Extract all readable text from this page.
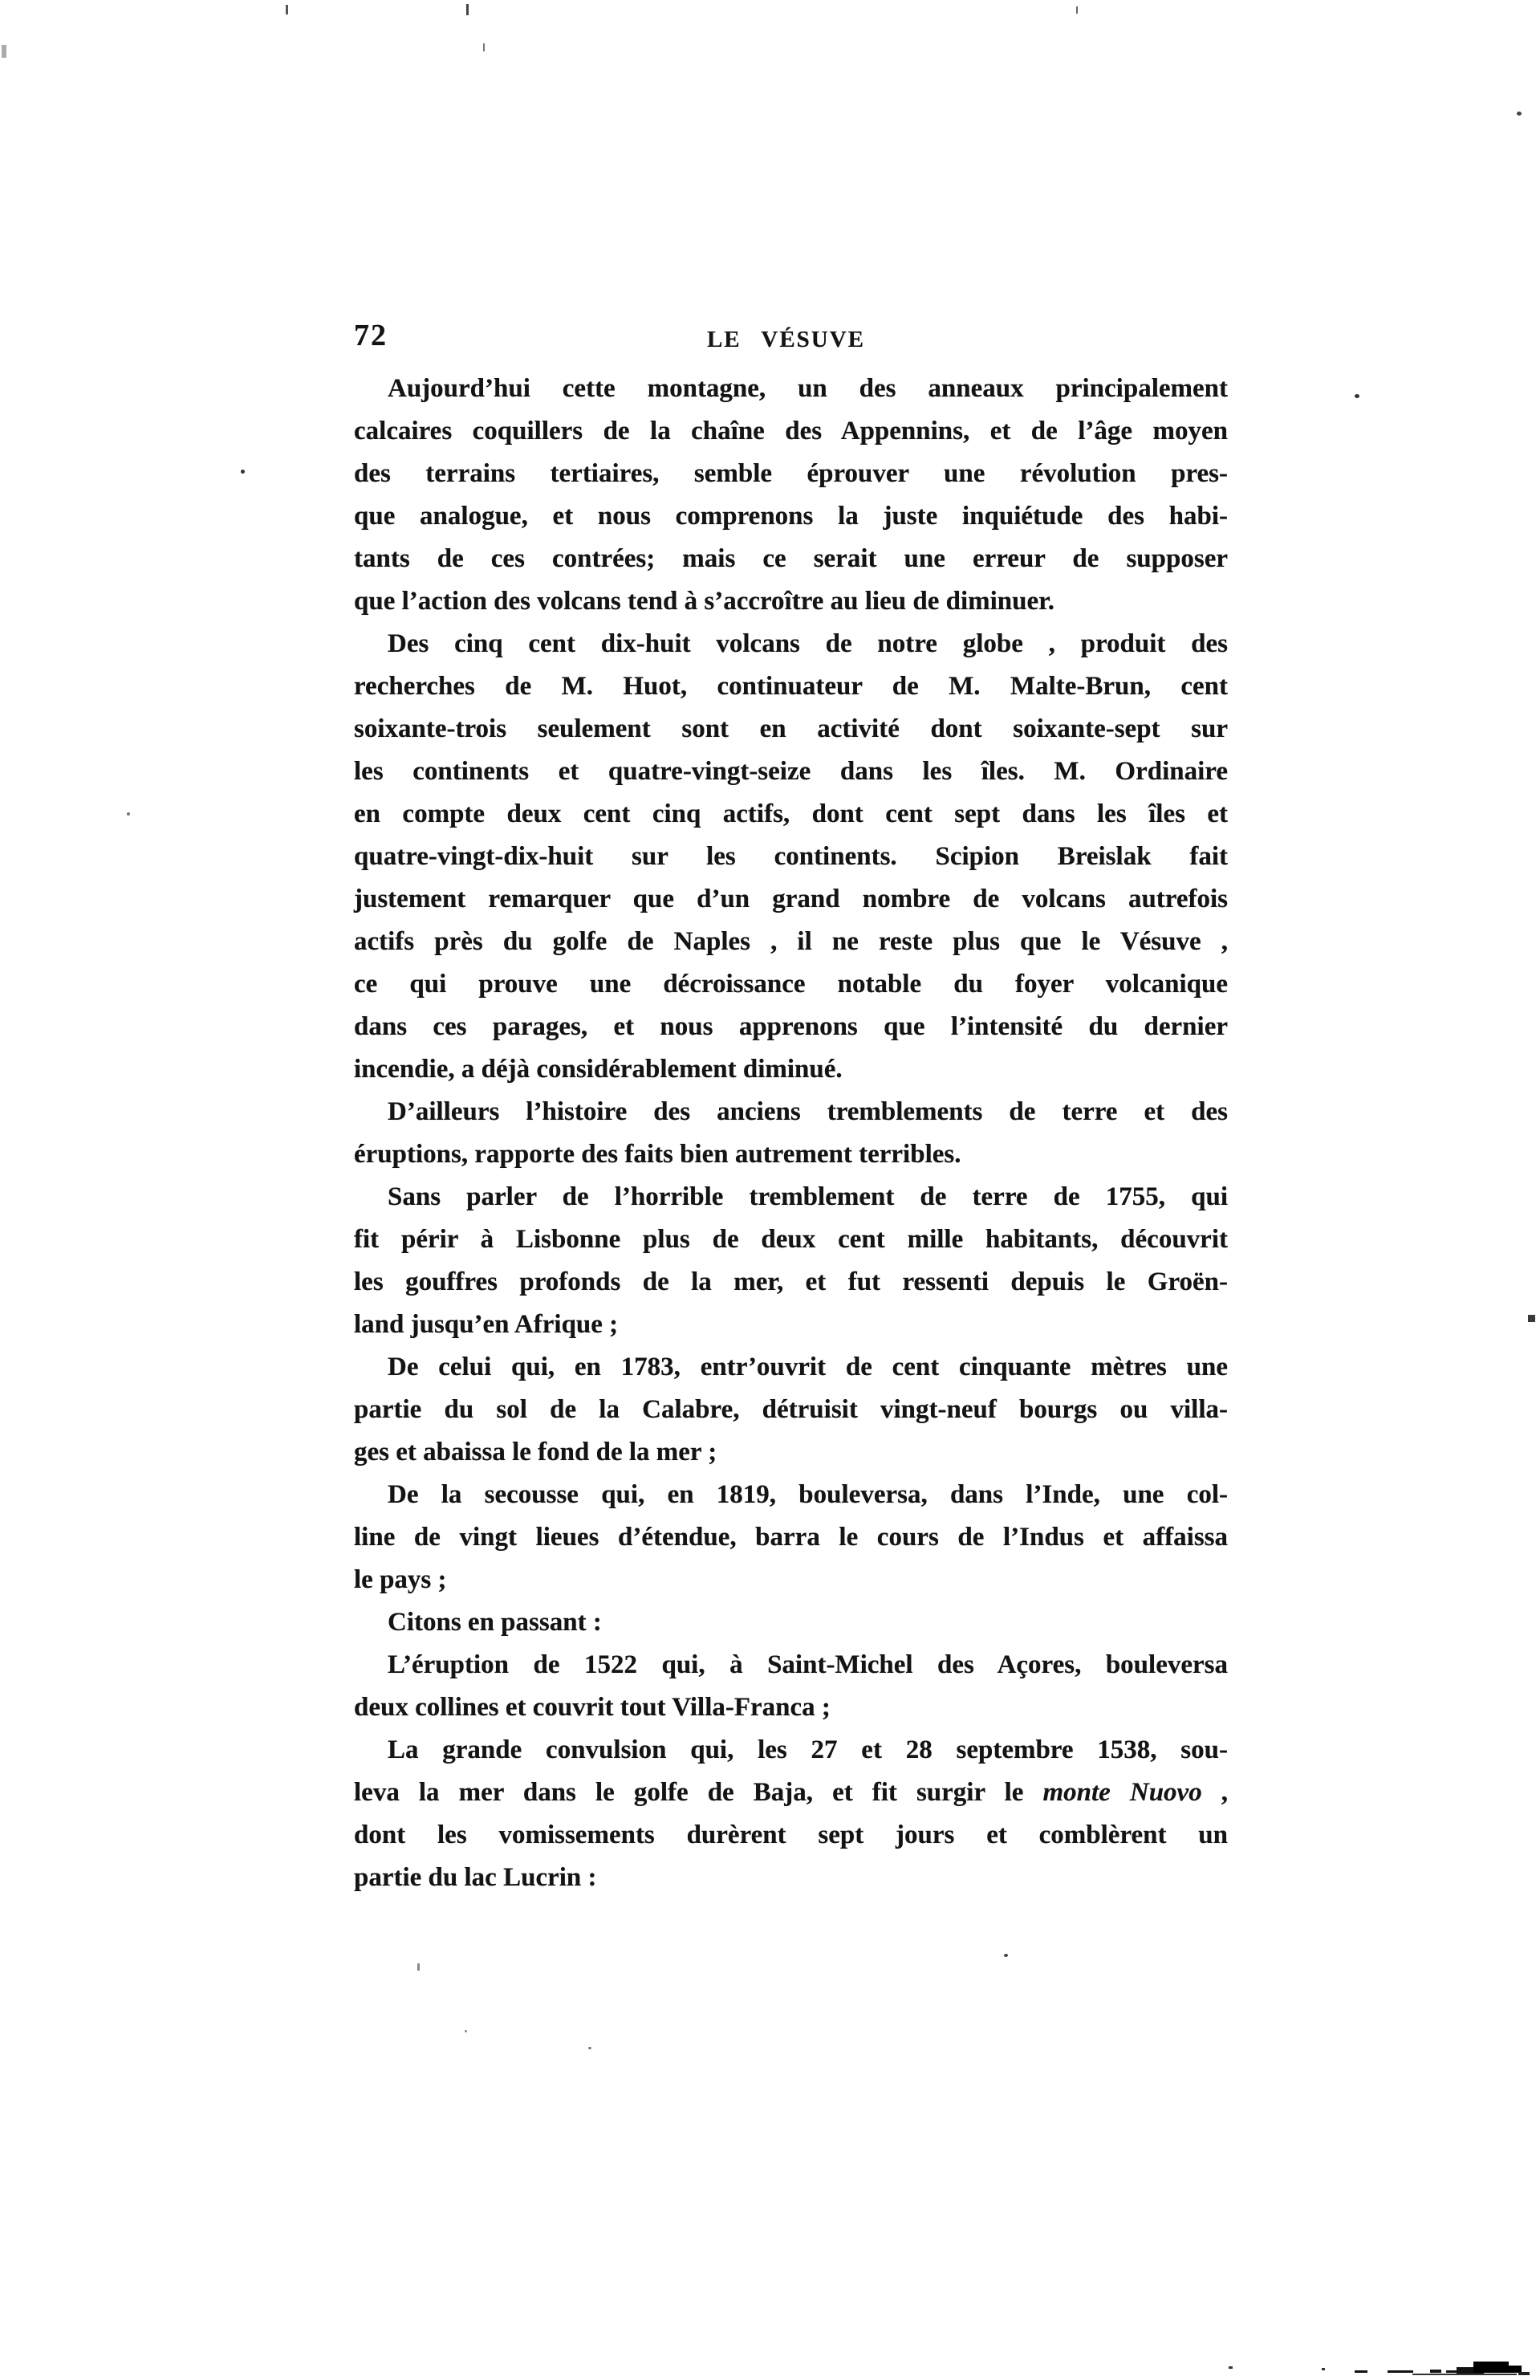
72	LE VÉSUVE
Aujourd’hui cette montagne, un des anneaux principalement
calcaires coquillers de la chaîne des Appennins, et de l’âge moyen
des terrains tertiaires, semble éprouver une révolution pres-
que analogue, et nous comprenons la juste inquiétude des habi-
tants de ces contrées; mais ce serait une erreur de supposer
que l’action des volcans tend à s’accroître au lieu de diminuer.
Des cinq cent dix-huit volcans de notre globe , produit des
recherches de M. Huot, continuateur de M. Malte-Brun, cent
soixante-trois seulement sont en activité dont soixante-sept sur
les continents et quatre-vingt-seize dans les îles. M. Ordinaire
en compte deux cent cinq actifs, dont cent sept dans les îles et
quatre-vingt-dix-huit sur les continents. Scipion Breislak fait
justement remarquer que d’un grand nombre de volcans autrefois
actifs près du golfe de Naples , il ne reste plus que le Vésuve ,
ce qui prouve une décroissance notable du foyer volcanique
dans ces parages, et nous apprenons que l’intensité du dernier
incendie, a déjà considérablement diminué.
D’ailleurs l’histoire des anciens tremblements de terre et des
éruptions, rapporte des faits bien autrement terribles.
Sans parler de l’horrible tremblement de terre de 1755, qui
fit périr à Lisbonne plus de deux cent mille habitants, découvrit
les gouffres profonds de la mer, et fut ressenti depuis le Groën-
land jusqu’en Afrique ;
De celui qui, en 1783, entr’ouvrit de cent cinquante mètres une
partie du sol de la Calabre, détruisit vingt-neuf bourgs ou villa-
ges et abaissa le fond de la mer ;
De la secousse qui, en 1819, bouleversa, dans l’Inde, une col-
line de vingt lieues d’étendue, barra le cours de l’Indus et affaissa
le pays ;
Citons en passant :
L’éruption de 1522 qui, à Saint-Michel des Açores, bouleversa
deux collines et couvrit tout Villa-Franca ;
La grande convulsion qui, les 27 et 28 septembre 1538, sou-
leva la mer dans le golfe de Baja, et fit surgir le monte Nuovo ,
dont les vomissements durèrent sept jours et comblèrent un
partie du lac Lucrin :
